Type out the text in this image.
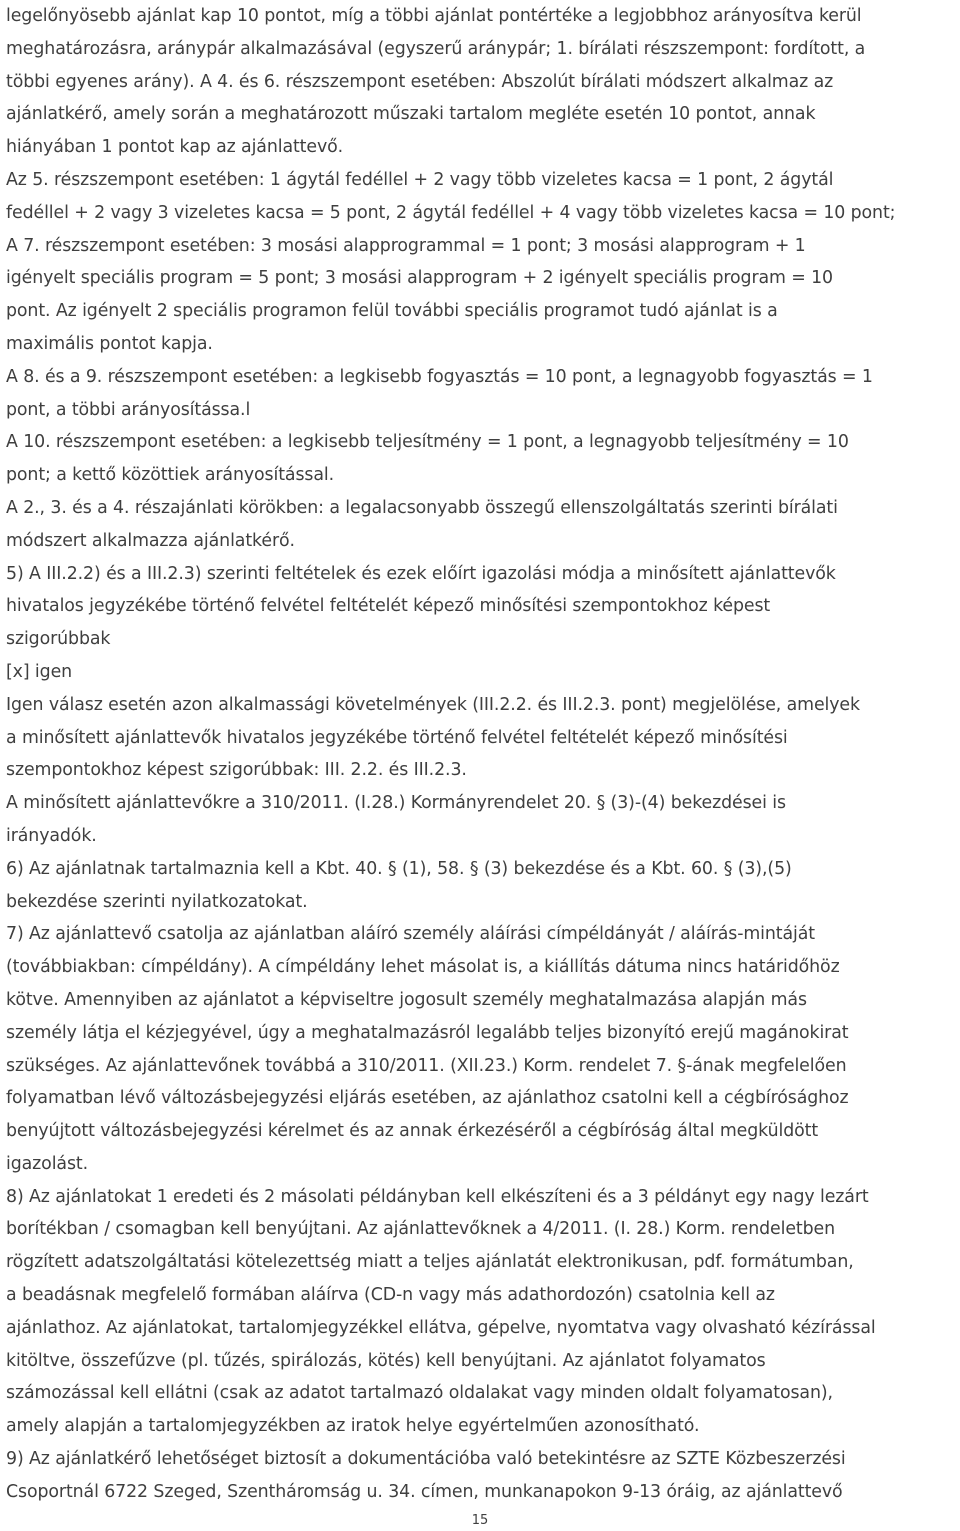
legelőnyösebb ajánlat kap 10 pontot, míg a többi ajánlat pontértéke a legjobbhoz arányosítva kerül
meghatározásra, aránypár alkalmazásával (egyszerű aránypár; 1. bírálati részszempont: fordított, a
többi egyenes arány). A 4. és 6. részszempont esetében: Abszolút bírálati módszert alkalmaz az
ajánlatkérő, amely során a meghatározott műszaki tartalom megléte esetén 10 pontot, annak
hiányában 1 pontot kap az ajánlattevő.
Az 5. részszempont esetében: 1 ágytál fedéllel + 2 vagy több vizeletes kacsa = 1 pont, 2 ágytál
fedéllel + 2 vagy 3 vizeletes kacsa = 5 pont, 2 ágytál fedéllel + 4 vagy több vizeletes kacsa = 10 pont;
A 7. részszempont esetében: 3 mosási alapprogrammal = 1 pont; 3 mosási alapprogram + 1
igényelt speciális program = 5 pont; 3 mosási alapprogram + 2 igényelt speciális program = 10
pont. Az igényelt 2 speciális programon felül további speciális programot tudó ajánlat is a
maximális pontot kapja.
A 8. és a 9. részszempont esetében: a legkisebb fogyasztás = 10 pont, a legnagyobb fogyasztás = 1
pont, a többi arányosítássa.l
A 10. részszempont esetében: a legkisebb teljesítmény = 1 pont, a legnagyobb teljesítmény = 10
pont; a kettő közöttiek arányosítással.
A 2., 3. és a 4. részajánlati körökben: a legalacsonyabb összegű ellenszolgáltatás szerinti bírálati
módszert alkalmazza ajánlatkérő.
5) A III.2.2) és a III.2.3) szerinti feltételek és ezek előírt igazolási módja a minősített ajánlattevők
hivatalos jegyzékébe történő felvétel feltételét képező minősítési szempontokhoz képest
szigorúbbak
[x] igen
Igen válasz esetén azon alkalmassági követelmények (III.2.2. és III.2.3. pont) megjelölése, amelyek
a minősített ajánlattevők hivatalos jegyzékébe történő felvétel feltételét képező minősítési
szempontokhoz képest szigorúbbak: III. 2.2. és III.2.3.
A minősített ajánlattevőkre a 310/2011. (I.28.) Kormányrendelet 20. § (3)-(4) bekezdései is
irányadók.
6) Az ajánlatnak tartalmaznia kell a Kbt. 40. § (1), 58. § (3) bekezdése és a Kbt. 60. § (3),(5)
bekezdése szerinti nyilatkozatokat.
7) Az ajánlattevő csatolja az ajánlatban aláíró személy aláírási címpéldányát / aláírás-mintáját
(továbbiakban: címpéldány). A címpéldány lehet másolat is, a kiállítás dátuma nincs határidőhöz
kötve. Amennyiben az ajánlatot a képviseltre jogosult személy meghatalmazása alapján más
személy látja el kézjegyével, úgy a meghatalmazásról legalább teljes bizonyító erejű magánokirat
szükséges. Az ajánlattevőnek továbbá a 310/2011. (XII.23.) Korm. rendelet 7. §-ának megfelelően
folyamatban lévő változásbejegyzési eljárás esetében, az ajánlathoz csatolni kell a cégbírósághoz
benyújtott változásbejegyzési kérelmet és az annak érkezéséről a cégbíróság által megküldött
igazolást.
8) Az ajánlatokat 1 eredeti és 2 másolati példányban kell elkészíteni és a 3 példányt egy nagy lezárt
borítékban / csomagban kell benyújtani. Az ajánlattevőknek a 4/2011. (I. 28.) Korm. rendeletben
rögzített adatszolgáltatási kötelezettség miatt a teljes ajánlatát elektronikusan, pdf. formátumban,
a beadásnak megfelelő formában aláírva (CD-n vagy más adathordozón) csatolnia kell az
ajánlathoz. Az ajánlatokat, tartalomjegyzékkel ellátva, gépelve, nyomtatva vagy olvasható kézírással
kitöltve, összefűzve (pl. tűzés, spirálozás, kötés) kell benyújtani. Az ajánlatot folyamatos
számozással kell ellátni (csak az adatot tartalmazó oldalakat vagy minden oldalt folyamatosan),
amely alapján a tartalomjegyzékben az iratok helye egyértelműen azonosítható.
9) Az ajánlatkérő lehetőséget biztosít a dokumentációba való betekintésre az SZTE Közbeszerzési
Csoportnál 6722 Szeged, Szentháromság u. 34. címen, munkanapokon 9-13 óráig, az ajánlattevő
15
